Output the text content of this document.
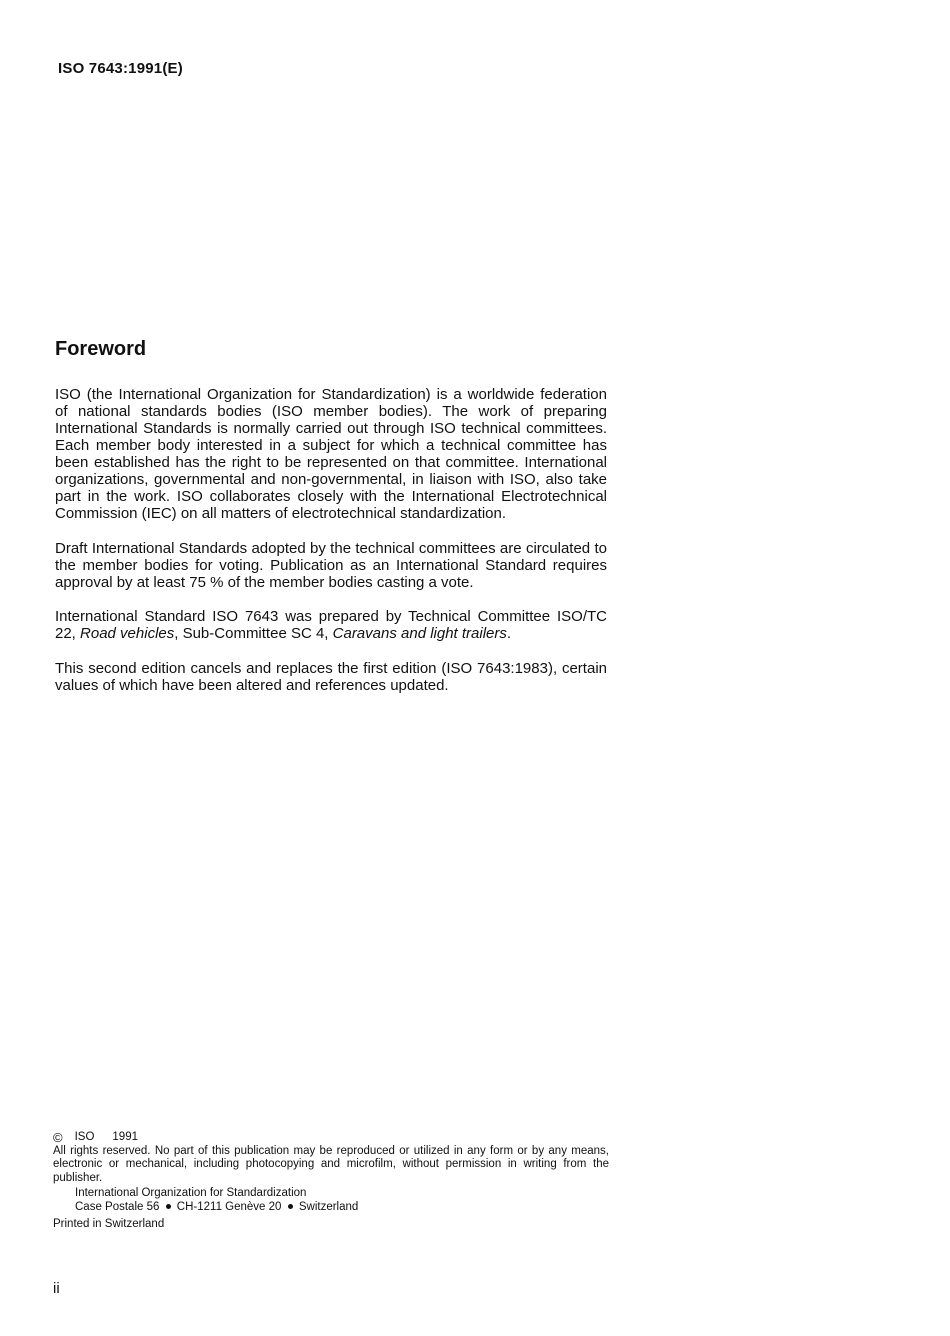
ISO 7643:1991(E)
Foreword

ISO (the International Organization for Standardization) is a worldwide federation of national standards bodies (ISO member bodies). The work of preparing International Standards is normally carried out through ISO technical committees. Each member body interested in a subject for which a technical committee has been established has the right to be represented on that committee. International organizations, governmental and non-governmental, in liaison with ISO, also take part in the work. ISO collaborates closely with the International Electrotechnical Commission (IEC) on all matters of electrotechnical standardization.

Draft International Standards adopted by the technical committees are circulated to the member bodies for voting. Publication as an International Standard requires approval by at least 75 % of the member bodies casting a vote.

International Standard ISO 7643 was prepared by Technical Committee ISO/TC 22, Road vehicles, Sub-Committee SC 4, Caravans and light trailers.

This second edition cancels and replaces the first edition (ISO 7643:1983), certain values of which have been altered and references updated.

© ISO 1991

All rights reserved. No part of this publication may be reproduced or utilized in any form or by any means, electronic or mechanical, including photocopying and microfilm, without permission in writing from the publisher.

International Organization for Standardization
Case Postale 56 CH-1211 Genève 20 Switzerland
Printed in Switzerland
ii
